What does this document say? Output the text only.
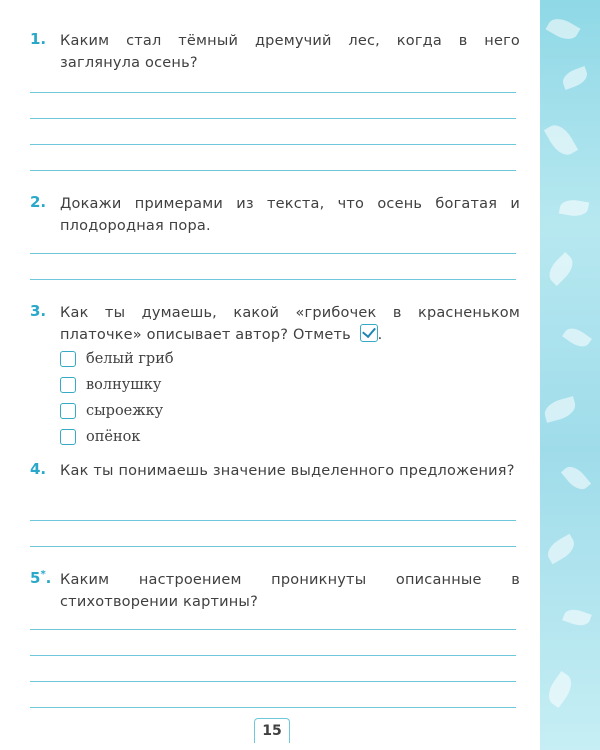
1. Каким стал тёмный дремучий лес, когда в него заглянула осень?
2. Докажи примерами из текста, что осень богатая и плодородная пора.
3. Как ты думаешь, какой «грибочек в красненьком платочке» описывает автор? Отметь .
белый гриб
волнушку
сыроежку
опёнок
4. Как ты понимаешь значение выделенного предложения?
5*. Каким настроением проникнуты описанные в стихотворении картины?
15
